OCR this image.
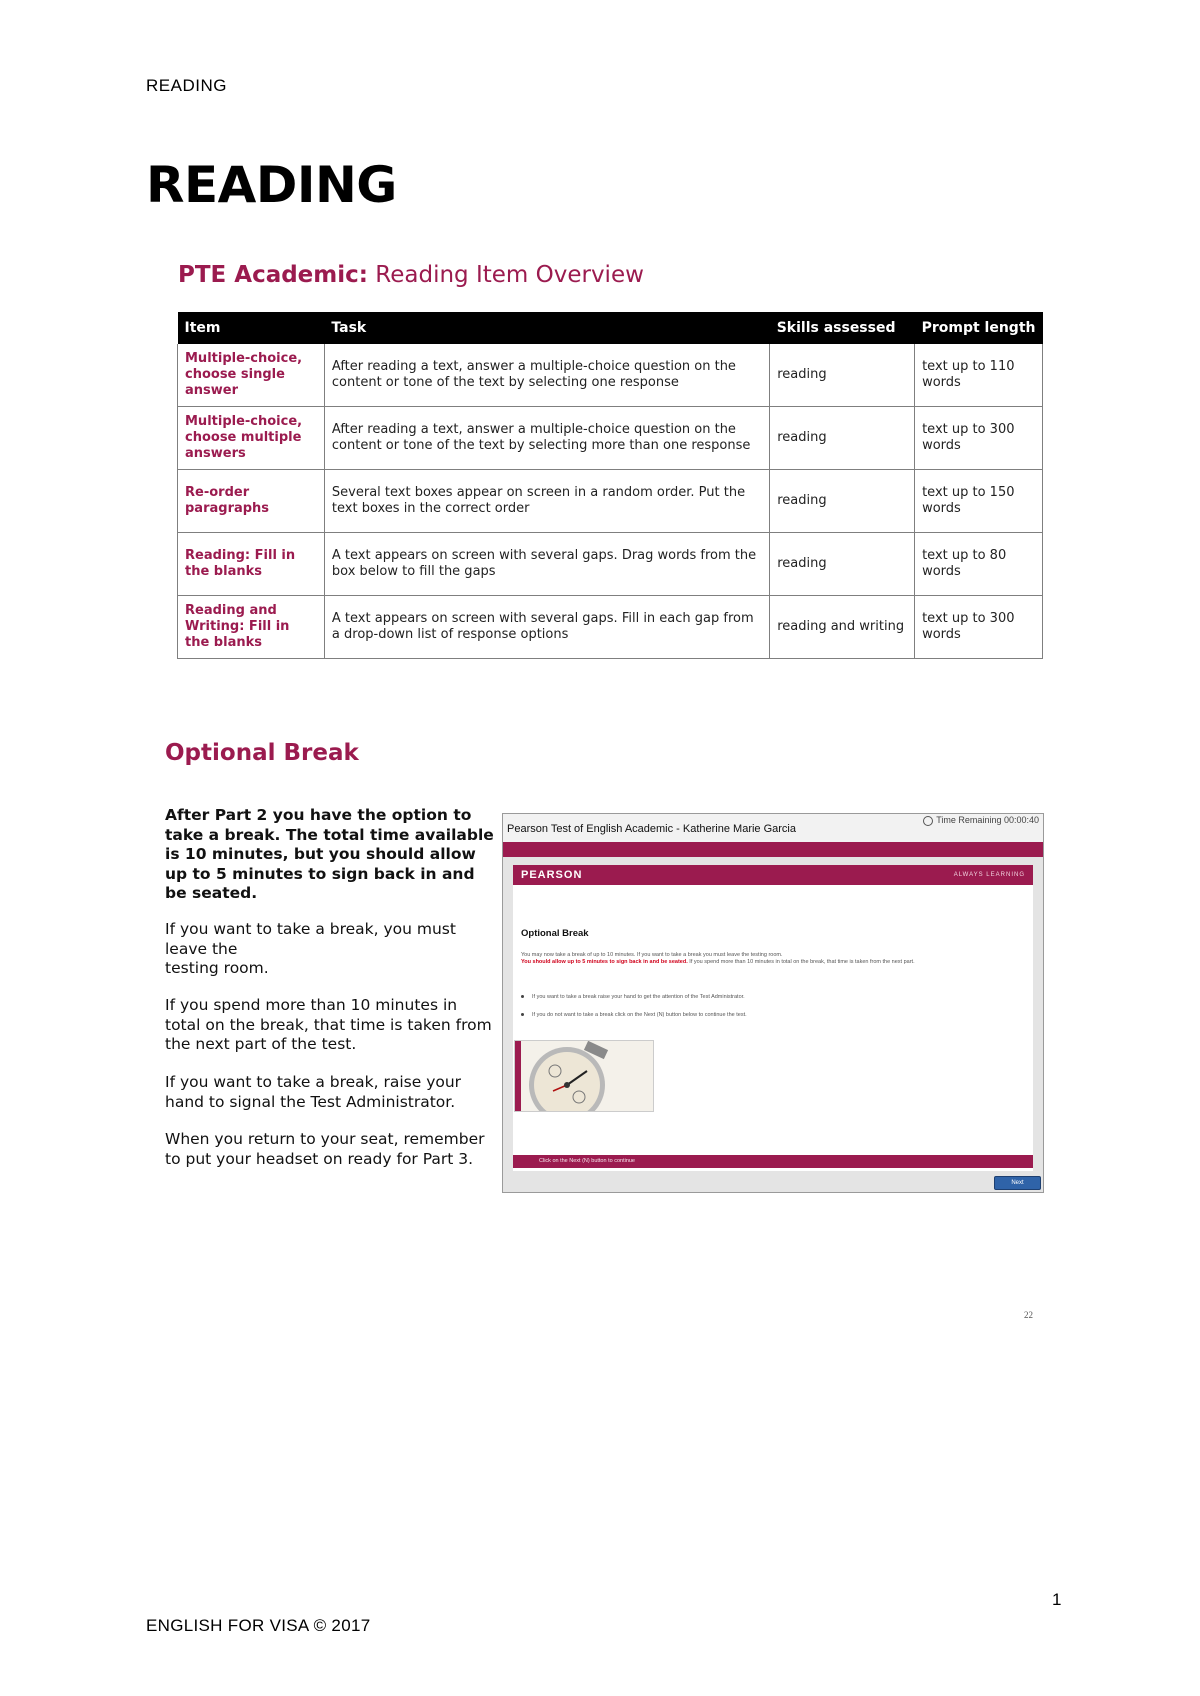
READING
READING
PTE Academic: Reading Item Overview
Item	Task	Skills assessed	Prompt length
Multiple-choice, choose single answer	After reading a text, answer a multiple-choice question on the content or tone of the text by selecting one response	reading	text up to 110 words
Multiple-choice, choose multiple answers	After reading a text, answer a multiple-choice question on the content or tone of the text by selecting more than one response	reading	text up to 300 words
Re-order paragraphs	Several text boxes appear on screen in a random order. Put the text boxes in the correct order	reading	text up to 150 words
Reading: Fill in the blanks	A text appears on screen with several gaps. Drag words from the box below to fill the gaps	reading	text up to 80 words
Reading and Writing: Fill in the blanks	A text appears on screen with several gaps. Fill in each gap from a drop-down list of response options	reading and writing	text up to 300 words
Optional Break
After Part 2 you have the option to take a break. The total time available is 10 minutes, but you should allow up to 5 minutes to sign back in and be seated.
If you want to take a break, you must leave the
testing room.
If you spend more than 10 minutes in total on the break, that time is taken from the next part of the test.
If you want to take a break, raise your hand to signal the Test Administrator.
When you return to your seat, remember to put your headset on ready for Part 3.
Pearson Test of English Academic - Katherine Marie Garcia
Time Remaining 00:00:40
PEARSON	ALWAYS LEARNING
Optional Break
You may now take a break of up to 10 minutes. If you want to take a break you must leave the testing room.
You should allow up to 5 minutes to sign back in and be seated. If you spend more than 10 minutes in total on the break, that time is taken from the next part.
If you want to take a break raise your hand to get the attention of the Test Administrator.
If you do not want to take a break click on the Next (N) button below to continue the test.
Click on the Next (N) button to continue
Next
22
1
ENGLISH FOR VISA © 2017
